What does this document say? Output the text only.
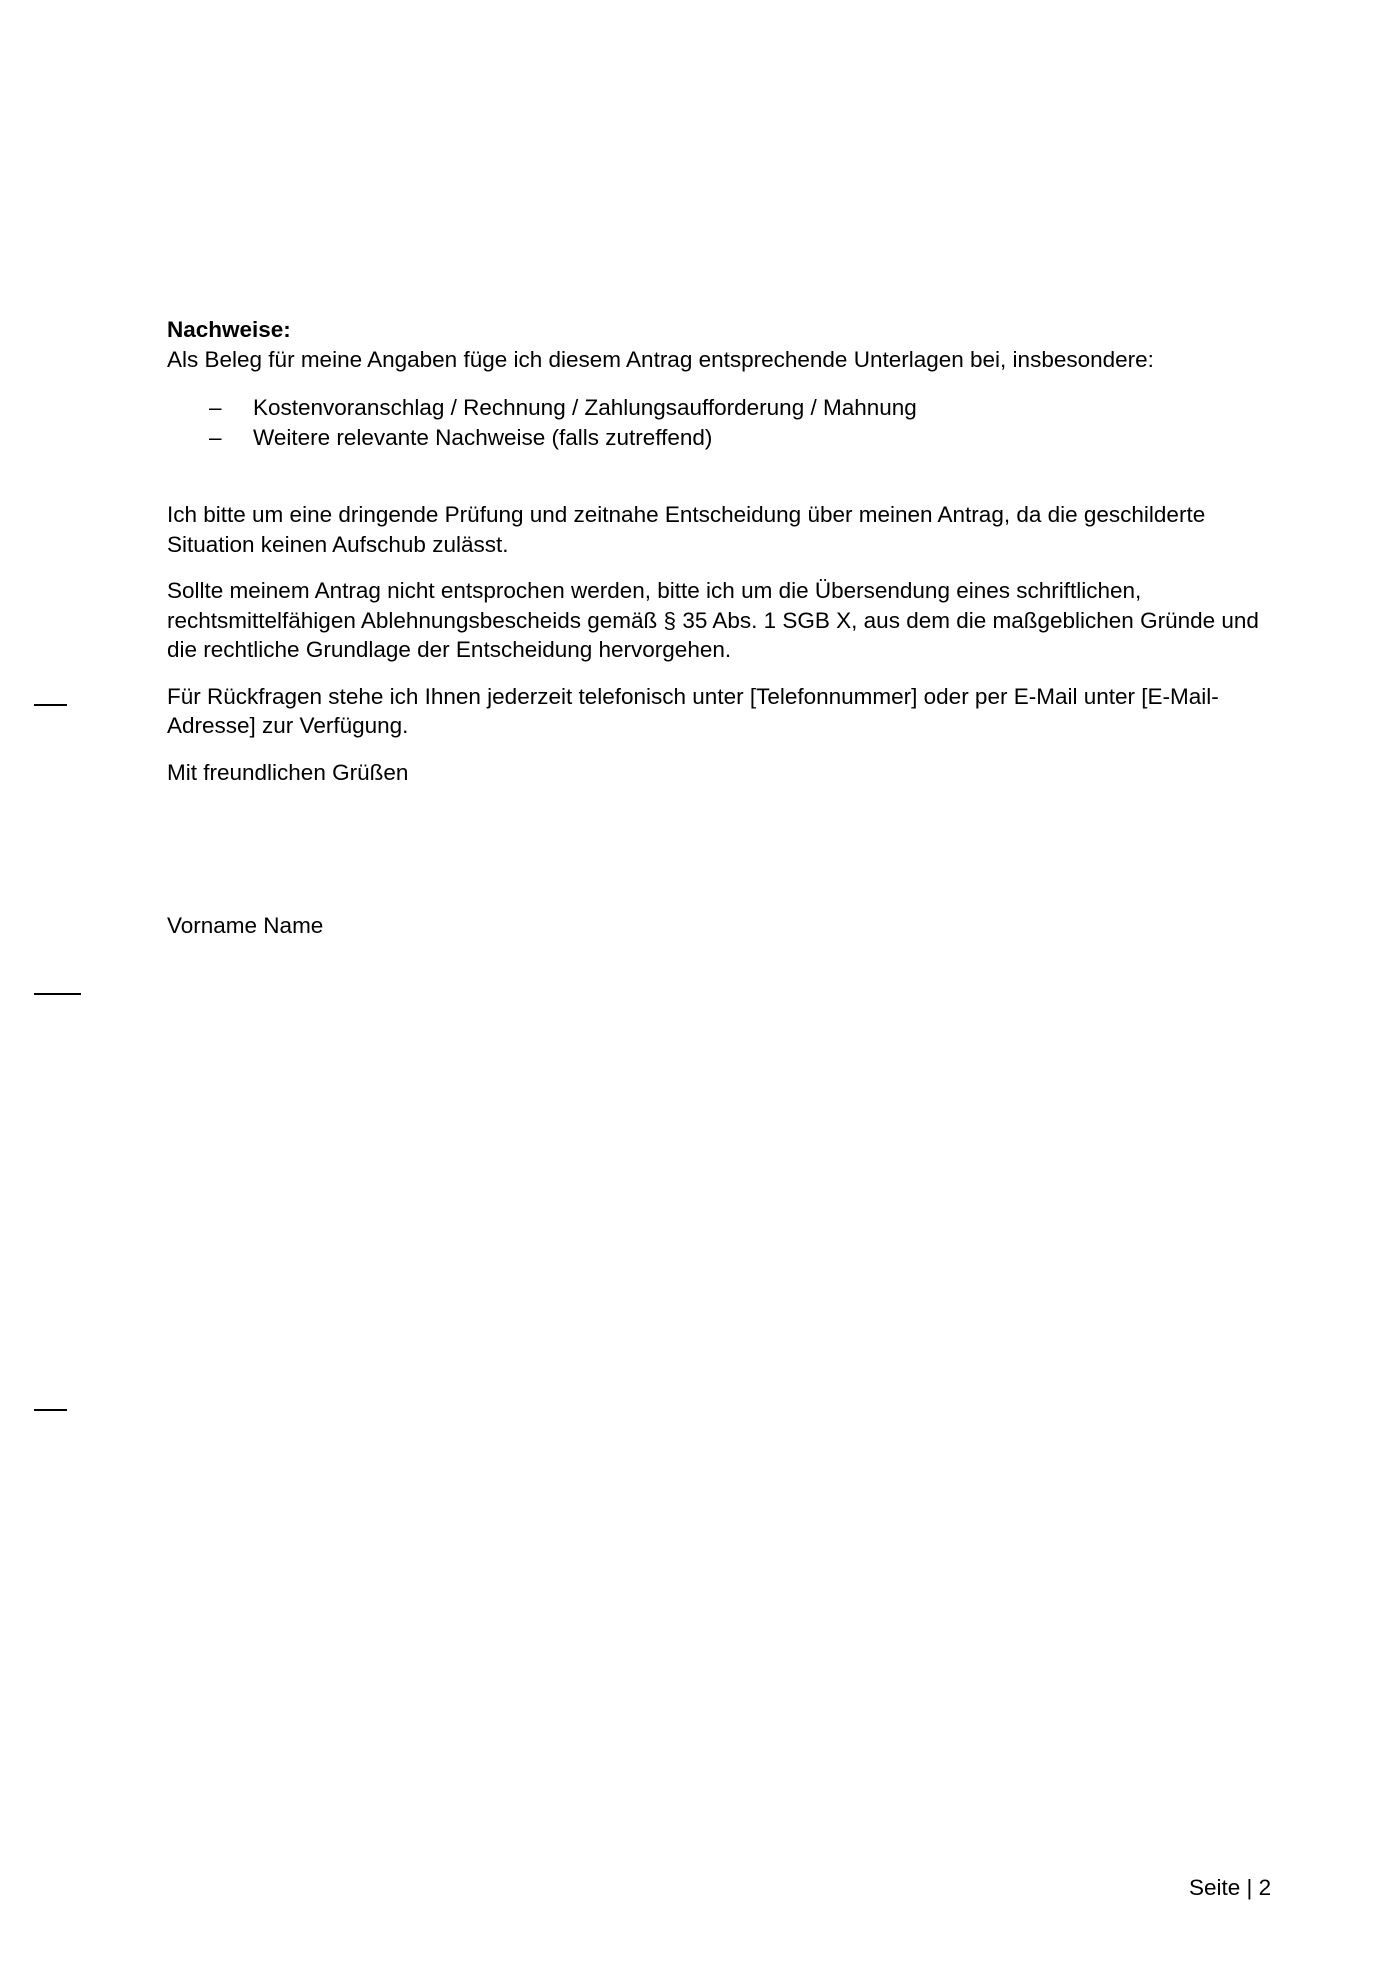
Nachweise:
Als Beleg für meine Angaben füge ich diesem Antrag entsprechende Unterlagen bei, insbesondere:
– Kostenvoranschlag / Rechnung / Zahlungsaufforderung / Mahnung
– Weitere relevante Nachweise (falls zutreffend)
Ich bitte um eine dringende Prüfung und zeitnahe Entscheidung über meinen Antrag, da die geschilderte Situation keinen Aufschub zulässt.
Sollte meinem Antrag nicht entsprochen werden, bitte ich um die Übersendung eines schriftlichen, rechtsmittelfähigen Ablehnungsbescheids gemäß § 35 Abs. 1 SGB X, aus dem die maßgeblichen Gründe und die rechtliche Grundlage der Entscheidung hervorgehen.
Für Rückfragen stehe ich Ihnen jederzeit telefonisch unter [Telefonnummer] oder per E-Mail unter [E-Mail-Adresse] zur Verfügung.
Mit freundlichen Grüßen
Vorname Name
Seite | 2
